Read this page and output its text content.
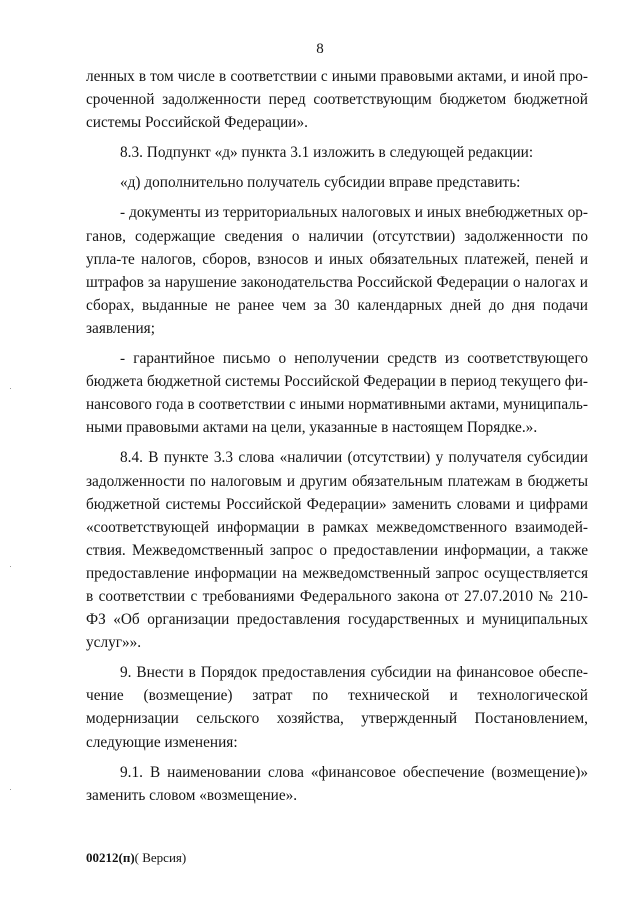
8

ленных в том числе в соответствии с иными правовыми актами, и иной про-сроченной задолженности перед соответствующим бюджетом бюджетной системы Российской Федерации».

8.3. Подпункт «д» пункта 3.1 изложить в следующей редакции:

«д) дополнительно получатель субсидии вправе представить:

- документы из территориальных налоговых и иных внебюджетных ор-ганов, содержащие сведения о наличии (отсутствии) задолженности по упла-те налогов, сборов, взносов и иных обязательных платежей, пеней и штрафов за нарушение законодательства Российской Федерации о налогах и сборах, выданные не ранее чем за 30 календарных дней до дня подачи заявления;

- гарантийное письмо о неполучении средств из соответствующего бюджета бюджетной системы Российской Федерации в период текущего фи-нансового года в соответствии с иными нормативными актами, муниципаль-ными правовыми актами на цели, указанные в настоящем Порядке.».

8.4. В пункте 3.3 слова «наличии (отсутствии) у получателя субсидии задолженности по налоговым и другим обязательным платежам в бюджеты бюджетной системы Российской Федерации» заменить словами и цифрами «соответствующей информации в рамках межведомственного взаимодей-ствия. Межведомственный запрос о предоставлении информации, а также предоставление информации на межведомственный запрос осуществляется в соответствии с требованиями Федерального закона от 27.07.2010 № 210-ФЗ «Об организации предоставления государственных и муниципальных услуг»».

9. Внести в Порядок предоставления субсидии на финансовое обеспе-чение (возмещение) затрат по технической и технологической модернизации сельского хозяйства, утвержденный Постановлением, следующие изменения:

9.1. В наименовании слова «финансовое обеспечение (возмещение)» заменить словом «возмещение».

00212(п)( Версия)
